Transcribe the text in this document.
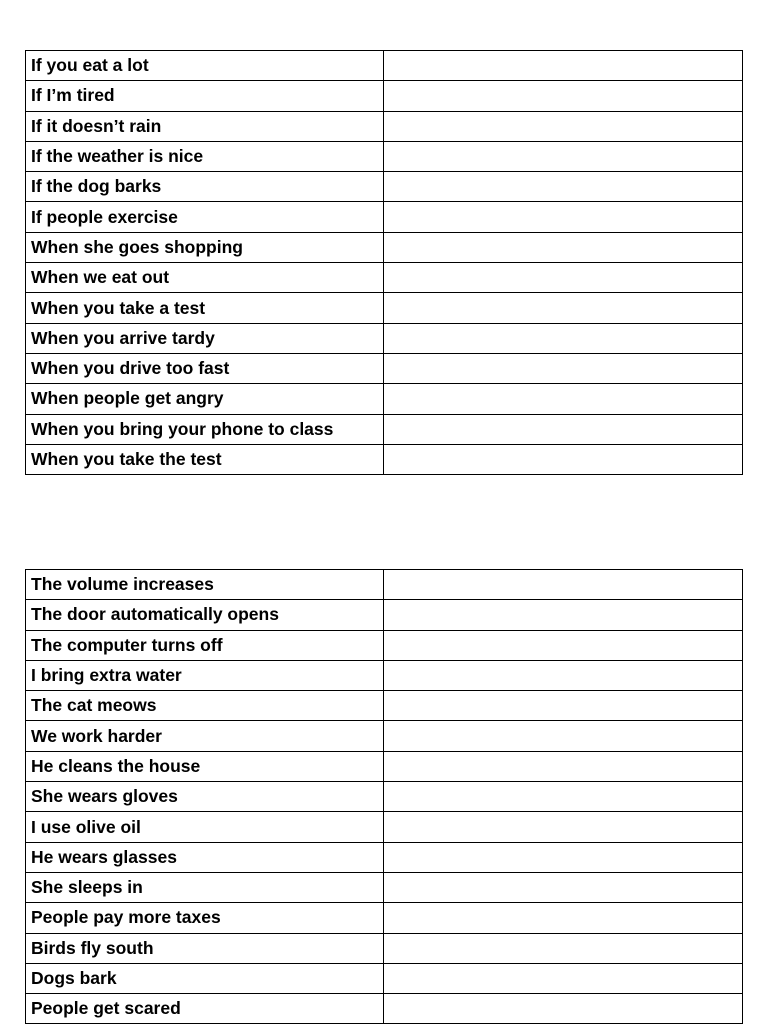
If you eat a lot	
If I’m tired	
If it doesn’t rain	
If the weather is nice	
If the dog barks	
If people exercise	
When she goes shopping	
When we eat out	
When you take a test	
When you arrive tardy	
When you drive too fast	
When people get angry	
When you bring your phone to class	
When you take the test	
The volume increases	
The door automatically opens	
The computer turns off	
I bring extra water	
The cat meows	
We work harder	
He cleans the house	
She wears gloves	
I use olive oil	
He wears glasses	
She sleeps in	
People pay more taxes	
Birds fly south	
Dogs bark	
People get scared	
